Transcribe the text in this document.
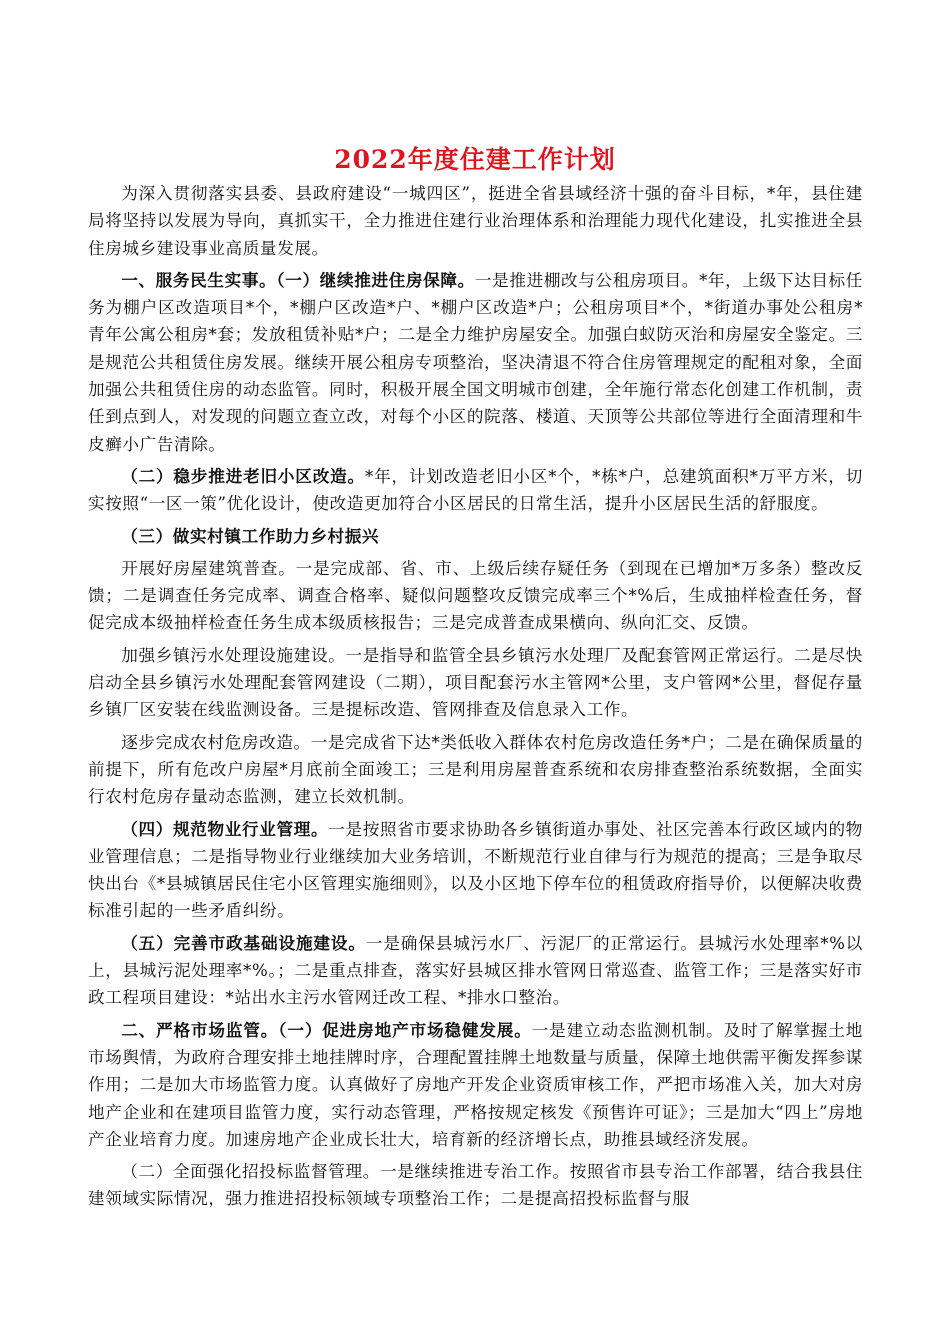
2022年度住建工作计划

为深入贯彻落实县委、县政府建设“一城四区”，挺进全省县域经济十强的奋斗目标，*年，县住建局将坚持以发展为导向，真抓实干，全力推进住建行业治理体系和治理能力现代化建设，扎实推进全县住房城乡建设事业高质量发展。

一、服务民生实事。（一）继续推进住房保障。一是推进棚改与公租房项目。*年，上级下达目标任务为棚户区改造项目*个，*棚户区改造*户、*棚户区改造*户；公租房项目*个，*街道办事处公租房*青年公寓公租房*套；发放租赁补贴*户；二是全力维护房屋安全。加强白蚁防灭治和房屋安全鉴定。三是规范公共租赁住房发展。继续开展公租房专项整治，坚决清退不符合住房管理规定的配租对象，全面加强公共租赁住房的动态监管。同时，积极开展全国文明城市创建，全年施行常态化创建工作机制，责任到点到人，对发现的问题立查立改，对每个小区的院落、楼道、天顶等公共部位等进行全面清理和牛皮癣小广告清除。

（二）稳步推进老旧小区改造。*年，计划改造老旧小区*个，*栋*户，总建筑面积*万平方米，切实按照“一区一策”优化设计，使改造更加符合小区居民的日常生活，提升小区居民生活的舒服度。

（三）做实村镇工作助力乡村振兴

开展好房屋建筑普查。一是完成部、省、市、上级后续存疑任务（到现在已增加*万多条）整改反馈；二是调查任务完成率、调查合格率、疑似问题整攻反馈完成率三个*%后，生成抽样检查任务，督促完成本级抽样检查任务生成本级质核报告；三是完成普查成果横向、纵向汇交、反馈。

加强乡镇污水处理设施建设。一是指导和监管全县乡镇污水处理厂及配套管网正常运行。二是尽快启动全县乡镇污水处理配套管网建设（二期），项目配套污水主管网*公里，支户管网*公里，督促存量乡镇厂区安装在线监测设备。三是提标改造、管网排查及信息录入工作。

逐步完成农村危房改造。一是完成省下达*类低收入群体农村危房改造任务*户；二是在确保质量的前提下，所有危改户房屋*月底前全面竣工；三是利用房屋普查系统和农房排查整治系统数据，全面实行农村危房存量动态监测，建立长效机制。

（四）规范物业行业管理。一是按照省市要求协助各乡镇街道办事处、社区完善本行政区域内的物业管理信息；二是指导物业行业继续加大业务培训，不断规范行业自律与行为规范的提高；三是争取尽快出台《*县城镇居民住宅小区管理实施细则》，以及小区地下停车位的租赁政府指导价，以便解决收费标准引起的一些矛盾纠纷。

（五）完善市政基础设施建设。一是确保县城污水厂、污泥厂的正常运行。县城污水处理率*%以上，县城污泥处理率*%。；二是重点排查，落实好县城区排水管网日常巡查、监管工作；三是落实好市政工程项目建设：*站出水主污水管网迁改工程、*排水口整治。

二、严格市场监管。（一）促进房地产市场稳健发展。一是建立动态监测机制。及时了解掌握土地市场舆情，为政府合理安排土地挂牌时序，合理配置挂牌土地数量与质量，保障土地供需平衡发挥参谋作用；二是加大市场监管力度。认真做好了房地产开发企业资质审核工作，严把市场准入关，加大对房地产企业和在建项目监管力度，实行动态管理，严格按规定核发《预售许可证》；三是加大“四上”房地产企业培育力度。加速房地产企业成长壮大，培育新的经济增长点，助推县域经济发展。

（二）全面强化招投标监督管理。一是继续推进专治工作。按照省市县专治工作部署，结合我县住建领域实际情况，强力推进招投标领域专项整治工作；二是提高招投标监督与服
